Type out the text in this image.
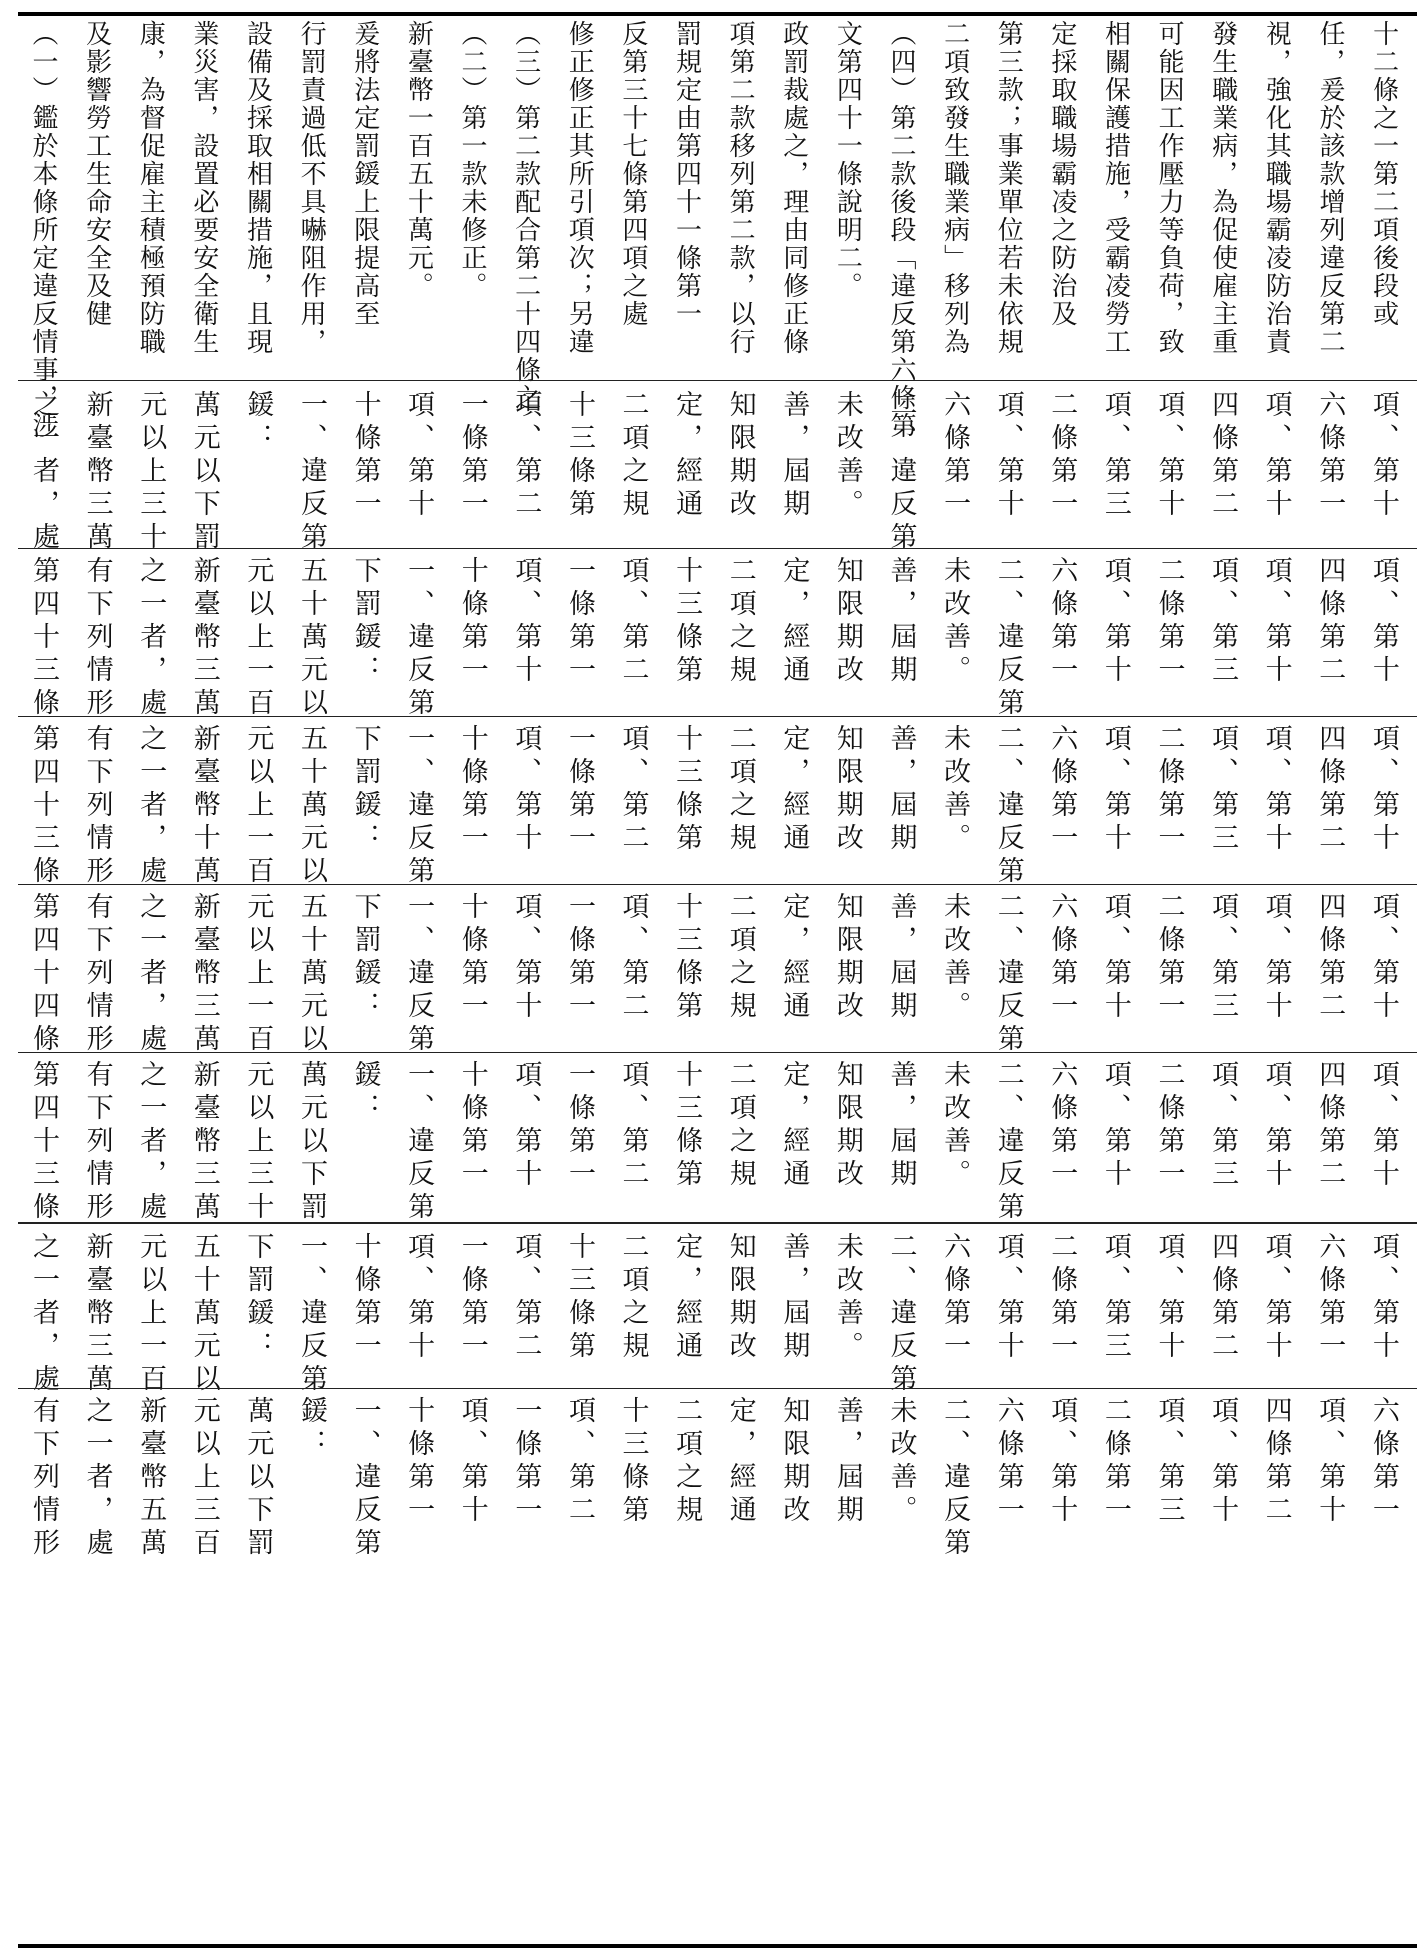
（一）鑑於本條所定違反情事，涉 及影響勞工生命安全及健 康，為督促雇主積極預防職 業災害，設置必要安全衛生 設備及採取相關措施，且現 行罰責過低不具嚇阻作用， 爰將法定罰鍰上限提高至 新臺幣一百五十萬元。 （二）第一款未修正。 （三）第二款配合第二十四條之 修正修正其所引項次；另違 反第三十七條第四項之處 罰規定由第四十一條第一 項第二款移列第二款，以行 政罰裁處之，理由同修正條 文第四十一條說明二。 （四）第二款後段「違反第六條第 二項致發生職業病」移列為 第三款；事業單位若未依規 定採取職場霸凌之防治及 相關保護措施，受霸凌勞工 可能因工作壓力等負荷，致 發生職業病，為促使雇主重 視，強化其職場霸凌防治責 任，爰於該款增列違反第二 十二條之一第二項後段或
之一者，處 新臺幣三萬 元以上三十 萬元以下罰 鍰： 一、違反第 十條第一 項、第十 一條第一 項、第二 十三條第 二項之規 定，經通 知限期改 善，屆期 未改善。 二、違反第 六條第一 項、第十 二條第一 項、第三 項、第十 四條第二 項、第十 六條第一 項、第十
第四十三條 有下列情形 之一者，處 新臺幣三萬 元以上一百 五十萬元以 下罰鍰： 一、違反第 十條第一 項、第十 一條第一 項、第二 十三條第 二項之規 定，經通 知限期改 善，屆期 未改善。 二、違反第 六條第一 項、第十 二條第一 項、第三 項、第十 四條第二 項、第十
第四十三條 有下列情形 之一者，處 新臺幣十萬 元以上一百 五十萬元以 下罰鍰： 一、違反第 十條第一 項、第十 一條第一 項、第二 十三條第 二項之規 定，經通 知限期改 善，屆期 未改善。 二、違反第 六條第一 項、第十 二條第一 項、第三 項、第十 四條第二 項、第十
第四十四條 有下列情形 之一者，處 新臺幣三萬 元以上一百 五十萬元以 下罰鍰： 一、違反第 十條第一 項、第十 一條第一 項、第二 十三條第 二項之規 定，經通 知限期改 善，屆期 未改善。 二、違反第 六條第一 項、第十 二條第一 項、第三 項、第十 四條第二 項、第十
第四十三條 有下列情形 之一者，處 新臺幣三萬 元以上三十 萬元以下罰 鍰： 一、違反第 十條第一 項、第十 一條第一 項、第二 十三條第 二項之規 定，經通 知限期改 善，屆期 未改善。 二、違反第 六條第一 項、第十 二條第一 項、第三 項、第十 四條第二 項、第十
之一者，處 新臺幣三萬 元以上一百 五十萬元以 下罰鍰： 一、違反第 十條第一 項、第十 一條第一 項、第二 十三條第 二項之規 定，經通 知限期改 善，屆期 未改善。 二、違反第 六條第一 項、第十 二條第一 項、第三 項、第十 四條第二 項、第十 六條第一 項、第十
有下列情形 之一者，處 新臺幣五萬 元以上三百 萬元以下罰 鍰： 一、違反第 十條第一 項、第十 一條第一 項、第二 十三條第 二項之規 定，經通 知限期改 善，屆期 未改善。 二、違反第 六條第一 項、第十 二條第一 項、第三 項、第十 四條第二 項、第十 六條第一
